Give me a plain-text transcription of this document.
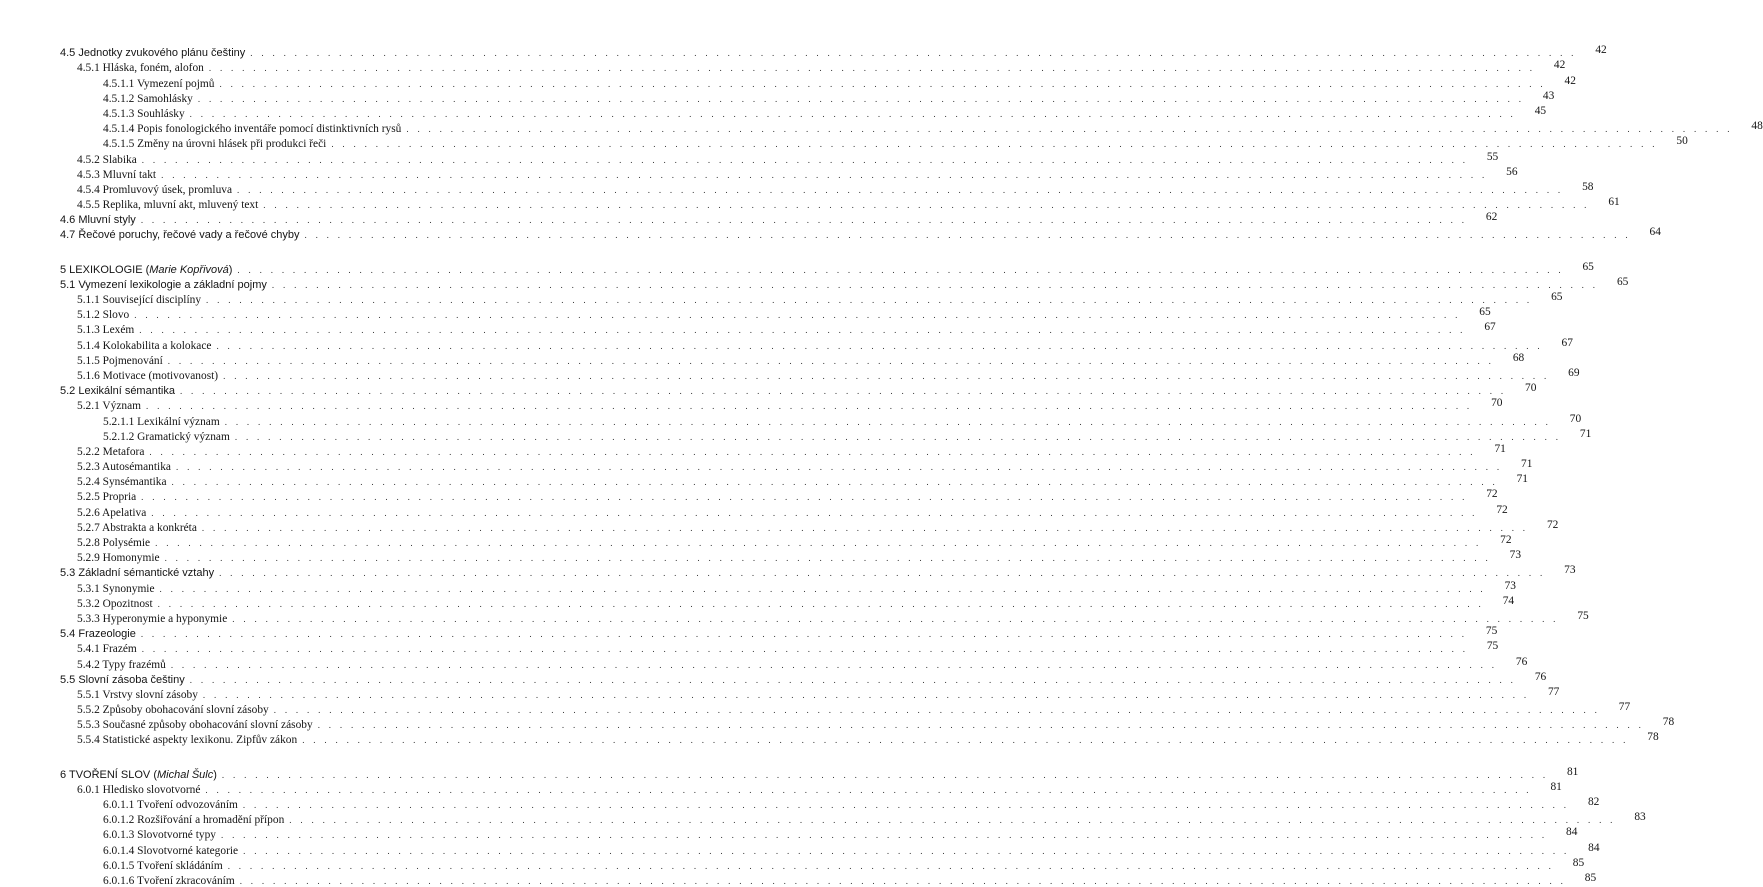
4.5 Jednotky zvukového plánu češtiny . . . . . . . . . . . . . . . . . . . . . . . . . . . . . . . . . . . . . . . . . . . . . . . . . . . . . . . . . . . . . . . . . . . . . . . . . . . . . . . . . . . . . . . . . . . . . . . . . . . . . . . . . . . . . . . . . . . . . . . .	42
4.5.1 Hláska, foném, alofon . . . . . . . . . . . . . . . . . . . . . . . . . . . . . . . . . . . . . . . . . . . . . . . . . . . . . . . . . . . . . . . . . . . . . . . . . . . . . . . . . . . . . . . . . . . . . . . . . . . . . . . . . . . . . . . . . . . . . . . .	42
4.5.1.1 Vymezení pojmů . . . . . . . . . . . . . . . . . . . . . . . . . . . . . . . . . . . . . . . . . . . . . . . . . . . . . . . . . . . . . . . . . . . . . . . . . . . . . . . . . . . . . . . . . . . . . . . . . . . . . . . . . . . . . . . . . . . . . . . .	42
4.5.1.2 Samohlásky . . . . . . . . . . . . . . . . . . . . . . . . . . . . . . . . . . . . . . . . . . . . . . . . . . . . . . . . . . . . . . . . . . . . . . . . . . . . . . . . . . . . . . . . . . . . . . . . . . . . . . . . . . . . . . . . . . . . . . . .	43
4.5.1.3 Souhlásky . . . . . . . . . . . . . . . . . . . . . . . . . . . . . . . . . . . . . . . . . . . . . . . . . . . . . . . . . . . . . . . . . . . . . . . . . . . . . . . . . . . . . . . . . . . . . . . . . . . . . . . . . . . . . . . . . . . . . . . .	45
4.5.1.4 Popis fonologického inventáře pomocí distinktivních rysů . . . . . . . . . . . . . . . . . . . . . . . . . . . . . . . . . . . . . . . . . . . . . . . . . . . . . . . . . . . . . . . . . . . . . . . . . . . . . . . . . . . . . . . . . . . . . . . . . . . . . . . . . . . . . . . . . . . . . . . .	48
4.5.1.5 Změny na úrovni hlásek při produkci řeči . . . . . . . . . . . . . . . . . . . . . . . . . . . . . . . . . . . . . . . . . . . . . . . . . . . . . . . . . . . . . . . . . . . . . . . . . . . . . . . . . . . . . . . . . . . . . . . . . . . . . . . . . . . . . . . . . . . . . . . .	50
4.5.2 Slabika . . . . . . . . . . . . . . . . . . . . . . . . . . . . . . . . . . . . . . . . . . . . . . . . . . . . . . . . . . . . . . . . . . . . . . . . . . . . . . . . . . . . . . . . . . . . . . . . . . . . . . . . . . . . . . . . . . . . . . . .	55
4.5.3 Mluvní takt . . . . . . . . . . . . . . . . . . . . . . . . . . . . . . . . . . . . . . . . . . . . . . . . . . . . . . . . . . . . . . . . . . . . . . . . . . . . . . . . . . . . . . . . . . . . . . . . . . . . . . . . . . . . . . . . . . . . . . . .	56
4.5.4 Promluvový úsek, promluva . . . . . . . . . . . . . . . . . . . . . . . . . . . . . . . . . . . . . . . . . . . . . . . . . . . . . . . . . . . . . . . . . . . . . . . . . . . . . . . . . . . . . . . . . . . . . . . . . . . . . . . . . . . . . . . . . . . . . . . .	58
4.5.5 Replika, mluvní akt, mluvený text . . . . . . . . . . . . . . . . . . . . . . . . . . . . . . . . . . . . . . . . . . . . . . . . . . . . . . . . . . . . . . . . . . . . . . . . . . . . . . . . . . . . . . . . . . . . . . . . . . . . . . . . . . . . . . . . . . . . . . . .	61
4.6 Mluvní styly . . . . . . . . . . . . . . . . . . . . . . . . . . . . . . . . . . . . . . . . . . . . . . . . . . . . . . . . . . . . . . . . . . . . . . . . . . . . . . . . . . . . . . . . . . . . . . . . . . . . . . . . . . . . . . . . . . . . . . . .	62
4.7 Řečové poruchy, řečové vady a řečové chyby . . . . . . . . . . . . . . . . . . . . . . . . . . . . . . . . . . . . . . . . . . . . . . . . . . . . . . . . . . . . . . . . . . . . . . . . . . . . . . . . . . . . . . . . . . . . . . . . . . . . . . . . . . . . . . . . . . . . . . . .	64
5 LEXIKOLOGIE (Marie Kopřivová) . . . . . . . . . . . . . . . . . . . . . . . . . . . . . . . . . . . . . . . . . . . . . . . . . . . . . . . . . . . . . . . . . . . . . . . . . . . . . . . . . . . . . . . . . . . . . . . . . . . . . . . . . . . . . . . . . . . . . . . .	65
5.1 Vymezení lexikologie a základní pojmy . . . . . . . . . . . . . . . . . . . . . . . . . . . . . . . . . . . . . . . . . . . . . . . . . . . . . . . . . . . . . . . . . . . . . . . . . . . . . . . . . . . . . . . . . . . . . . . . . . . . . . . . . . . . . . . . . . . . . . . .	65
5.1.1 Související disciplíny . . . . . . . . . . . . . . . . . . . . . . . . . . . . . . . . . . . . . . . . . . . . . . . . . . . . . . . . . . . . . . . . . . . . . . . . . . . . . . . . . . . . . . . . . . . . . . . . . . . . . . . . . . . . . . . . . . . . . . . .	65
5.1.2 Slovo . . . . . . . . . . . . . . . . . . . . . . . . . . . . . . . . . . . . . . . . . . . . . . . . . . . . . . . . . . . . . . . . . . . . . . . . . . . . . . . . . . . . . . . . . . . . . . . . . . . . . . . . . . . . . . . . . . . . . . . .	65
5.1.3 Lexém . . . . . . . . . . . . . . . . . . . . . . . . . . . . . . . . . . . . . . . . . . . . . . . . . . . . . . . . . . . . . . . . . . . . . . . . . . . . . . . . . . . . . . . . . . . . . . . . . . . . . . . . . . . . . . . . . . . . . . . .	67
5.1.4 Kolokabilita a kolokace . . . . . . . . . . . . . . . . . . . . . . . . . . . . . . . . . . . . . . . . . . . . . . . . . . . . . . . . . . . . . . . . . . . . . . . . . . . . . . . . . . . . . . . . . . . . . . . . . . . . . . . . . . . . . . . . . . . . . . . .	67
5.1.5 Pojmenování . . . . . . . . . . . . . . . . . . . . . . . . . . . . . . . . . . . . . . . . . . . . . . . . . . . . . . . . . . . . . . . . . . . . . . . . . . . . . . . . . . . . . . . . . . . . . . . . . . . . . . . . . . . . . . . . . . . . . . . .	68
5.1.6 Motivace (motivovanost) . . . . . . . . . . . . . . . . . . . . . . . . . . . . . . . . . . . . . . . . . . . . . . . . . . . . . . . . . . . . . . . . . . . . . . . . . . . . . . . . . . . . . . . . . . . . . . . . . . . . . . . . . . . . . . . . . . . . . . . .	69
5.2 Lexikální sémantika . . . . . . . . . . . . . . . . . . . . . . . . . . . . . . . . . . . . . . . . . . . . . . . . . . . . . . . . . . . . . . . . . . . . . . . . . . . . . . . . . . . . . . . . . . . . . . . . . . . . . . . . . . . . . . . . . . . . . . . .	70
5.2.1 Význam . . . . . . . . . . . . . . . . . . . . . . . . . . . . . . . . . . . . . . . . . . . . . . . . . . . . . . . . . . . . . . . . . . . . . . . . . . . . . . . . . . . . . . . . . . . . . . . . . . . . . . . . . . . . . . . . . . . . . . . .	70
5.2.1.1 Lexikální význam . . . . . . . . . . . . . . . . . . . . . . . . . . . . . . . . . . . . . . . . . . . . . . . . . . . . . . . . . . . . . . . . . . . . . . . . . . . . . . . . . . . . . . . . . . . . . . . . . . . . . . . . . . . . . . . . . . . . . . . .	70
5.2.1.2 Gramatický význam . . . . . . . . . . . . . . . . . . . . . . . . . . . . . . . . . . . . . . . . . . . . . . . . . . . . . . . . . . . . . . . . . . . . . . . . . . . . . . . . . . . . . . . . . . . . . . . . . . . . . . . . . . . . . . . . . . . . . . . .	71
5.2.2 Metafora . . . . . . . . . . . . . . . . . . . . . . . . . . . . . . . . . . . . . . . . . . . . . . . . . . . . . . . . . . . . . . . . . . . . . . . . . . . . . . . . . . . . . . . . . . . . . . . . . . . . . . . . . . . . . . . . . . . . . . . .	71
5.2.3 Autosémantika . . . . . . . . . . . . . . . . . . . . . . . . . . . . . . . . . . . . . . . . . . . . . . . . . . . . . . . . . . . . . . . . . . . . . . . . . . . . . . . . . . . . . . . . . . . . . . . . . . . . . . . . . . . . . . . . . . . . . . . .	71
5.2.4 Synsémantika . . . . . . . . . . . . . . . . . . . . . . . . . . . . . . . . . . . . . . . . . . . . . . . . . . . . . . . . . . . . . . . . . . . . . . . . . . . . . . . . . . . . . . . . . . . . . . . . . . . . . . . . . . . . . . . . . . . . . . . .	71
5.2.5 Propria . . . . . . . . . . . . . . . . . . . . . . . . . . . . . . . . . . . . . . . . . . . . . . . . . . . . . . . . . . . . . . . . . . . . . . . . . . . . . . . . . . . . . . . . . . . . . . . . . . . . . . . . . . . . . . . . . . . . . . . .	72
5.2.6 Apelativa . . . . . . . . . . . . . . . . . . . . . . . . . . . . . . . . . . . . . . . . . . . . . . . . . . . . . . . . . . . . . . . . . . . . . . . . . . . . . . . . . . . . . . . . . . . . . . . . . . . . . . . . . . . . . . . . . . . . . . . .	72
5.2.7 Abstrakta a konkréta . . . . . . . . . . . . . . . . . . . . . . . . . . . . . . . . . . . . . . . . . . . . . . . . . . . . . . . . . . . . . . . . . . . . . . . . . . . . . . . . . . . . . . . . . . . . . . . . . . . . . . . . . . . . . . . . . . . . . . . .	72
5.2.8 Polysémie . . . . . . . . . . . . . . . . . . . . . . . . . . . . . . . . . . . . . . . . . . . . . . . . . . . . . . . . . . . . . . . . . . . . . . . . . . . . . . . . . . . . . . . . . . . . . . . . . . . . . . . . . . . . . . . . . . . . . . . .	72
5.2.9 Homonymie . . . . . . . . . . . . . . . . . . . . . . . . . . . . . . . . . . . . . . . . . . . . . . . . . . . . . . . . . . . . . . . . . . . . . . . . . . . . . . . . . . . . . . . . . . . . . . . . . . . . . . . . . . . . . . . . . . . . . . . .	73
5.3 Základní sémantické vztahy . . . . . . . . . . . . . . . . . . . . . . . . . . . . . . . . . . . . . . . . . . . . . . . . . . . . . . . . . . . . . . . . . . . . . . . . . . . . . . . . . . . . . . . . . . . . . . . . . . . . . . . . . . . . . . . . . . . . . . . .	73
5.3.1 Synonymie . . . . . . . . . . . . . . . . . . . . . . . . . . . . . . . . . . . . . . . . . . . . . . . . . . . . . . . . . . . . . . . . . . . . . . . . . . . . . . . . . . . . . . . . . . . . . . . . . . . . . . . . . . . . . . . . . . . . . . . .	73
5.3.2 Opozitnost . . . . . . . . . . . . . . . . . . . . . . . . . . . . . . . . . . . . . . . . . . . . . . . . . . . . . . . . . . . . . . . . . . . . . . . . . . . . . . . . . . . . . . . . . . . . . . . . . . . . . . . . . . . . . . . . . . . . . . . .	74
5.3.3 Hyperonymie a hyponymie . . . . . . . . . . . . . . . . . . . . . . . . . . . . . . . . . . . . . . . . . . . . . . . . . . . . . . . . . . . . . . . . . . . . . . . . . . . . . . . . . . . . . . . . . . . . . . . . . . . . . . . . . . . . . . . . . . . . . . . .	75
5.4 Frazeologie . . . . . . . . . . . . . . . . . . . . . . . . . . . . . . . . . . . . . . . . . . . . . . . . . . . . . . . . . . . . . . . . . . . . . . . . . . . . . . . . . . . . . . . . . . . . . . . . . . . . . . . . . . . . . . . . . . . . . . . .	75
5.4.1 Frazém . . . . . . . . . . . . . . . . . . . . . . . . . . . . . . . . . . . . . . . . . . . . . . . . . . . . . . . . . . . . . . . . . . . . . . . . . . . . . . . . . . . . . . . . . . . . . . . . . . . . . . . . . . . . . . . . . . . . . . . .	75
5.4.2 Typy frazémů . . . . . . . . . . . . . . . . . . . . . . . . . . . . . . . . . . . . . . . . . . . . . . . . . . . . . . . . . . . . . . . . . . . . . . . . . . . . . . . . . . . . . . . . . . . . . . . . . . . . . . . . . . . . . . . . . . . . . . . .	76
5.5 Slovní zásoba češtiny . . . . . . . . . . . . . . . . . . . . . . . . . . . . . . . . . . . . . . . . . . . . . . . . . . . . . . . . . . . . . . . . . . . . . . . . . . . . . . . . . . . . . . . . . . . . . . . . . . . . . . . . . . . . . . . . . . . . . . . .	76
5.5.1 Vrstvy slovní zásoby . . . . . . . . . . . . . . . . . . . . . . . . . . . . . . . . . . . . . . . . . . . . . . . . . . . . . . . . . . . . . . . . . . . . . . . . . . . . . . . . . . . . . . . . . . . . . . . . . . . . . . . . . . . . . . . . . . . . . . . .	77
5.5.2 Způsoby obohacování slovní zásoby . . . . . . . . . . . . . . . . . . . . . . . . . . . . . . . . . . . . . . . . . . . . . . . . . . . . . . . . . . . . . . . . . . . . . . . . . . . . . . . . . . . . . . . . . . . . . . . . . . . . . . . . . . . . . . . . . . . . . . . .	77
5.5.3 Současné způsoby obohacování slovní zásoby . . . . . . . . . . . . . . . . . . . . . . . . . . . . . . . . . . . . . . . . . . . . . . . . . . . . . . . . . . . . . . . . . . . . . . . . . . . . . . . . . . . . . . . . . . . . . . . . . . . . . . . . . . . . . . . . . . . . . . . .	78
5.5.4 Statistické aspekty lexikonu. Zipfův zákon . . . . . . . . . . . . . . . . . . . . . . . . . . . . . . . . . . . . . . . . . . . . . . . . . . . . . . . . . . . . . . . . . . . . . . . . . . . . . . . . . . . . . . . . . . . . . . . . . . . . . . . . . . . . . . . . . . . . . . . .	78
6 TVOŘENÍ SLOV (Michal Šulc) . . . . . . . . . . . . . . . . . . . . . . . . . . . . . . . . . . . . . . . . . . . . . . . . . . . . . . . . . . . . . . . . . . . . . . . . . . . . . . . . . . . . . . . . . . . . . . . . . . . . . . . . . . . . . . . . . . . . . . . .	81
6.0.1 Hledisko slovotvorné . . . . . . . . . . . . . . . . . . . . . . . . . . . . . . . . . . . . . . . . . . . . . . . . . . . . . . . . . . . . . . . . . . . . . . . . . . . . . . . . . . . . . . . . . . . . . . . . . . . . . . . . . . . . . . . . . . . . . . . .	81
6.0.1.1 Tvoření odvozováním . . . . . . . . . . . . . . . . . . . . . . . . . . . . . . . . . . . . . . . . . . . . . . . . . . . . . . . . . . . . . . . . . . . . . . . . . . . . . . . . . . . . . . . . . . . . . . . . . . . . . . . . . . . . . . . . . . . . . . . .	82
6.0.1.2 Rozšiřování a hromadění přípon . . . . . . . . . . . . . . . . . . . . . . . . . . . . . . . . . . . . . . . . . . . . . . . . . . . . . . . . . . . . . . . . . . . . . . . . . . . . . . . . . . . . . . . . . . . . . . . . . . . . . . . . . . . . . . . . . . . . . . . .	83
6.0.1.3 Slovotvorné typy . . . . . . . . . . . . . . . . . . . . . . . . . . . . . . . . . . . . . . . . . . . . . . . . . . . . . . . . . . . . . . . . . . . . . . . . . . . . . . . . . . . . . . . . . . . . . . . . . . . . . . . . . . . . . . . . . . . . . . . .	84
6.0.1.4 Slovotvorné kategorie . . . . . . . . . . . . . . . . . . . . . . . . . . . . . . . . . . . . . . . . . . . . . . . . . . . . . . . . . . . . . . . . . . . . . . . . . . . . . . . . . . . . . . . . . . . . . . . . . . . . . . . . . . . . . . . . . . . . . . . .	84
6.0.1.5 Tvoření skládáním . . . . . . . . . . . . . . . . . . . . . . . . . . . . . . . . . . . . . . . . . . . . . . . . . . . . . . . . . . . . . . . . . . . . . . . . . . . . . . . . . . . . . . . . . . . . . . . . . . . . . . . . . . . . . . . . . . . . . . . .	85
6.0.1.6 Tvoření zkracováním . . . . . . . . . . . . . . . . . . . . . . . . . . . . . . . . . . . . . . . . . . . . . . . . . . . . . . . . . . . . . . . . . . . . . . . . . . . . . . . . . . . . . . . . . . . . . . . . . . . . . . . . . . . . . . . . . . . . . . . .	85
